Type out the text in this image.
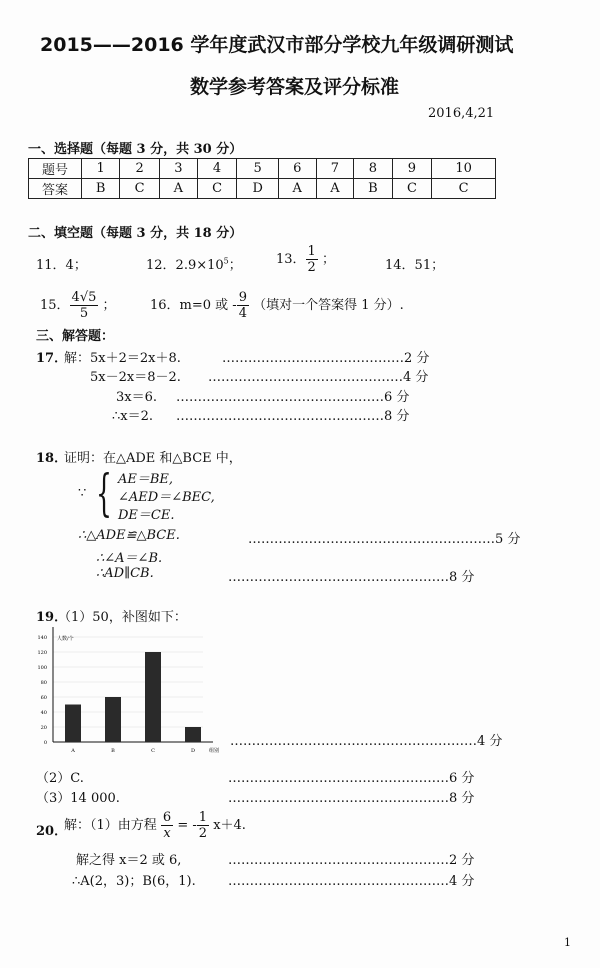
2015——2016 学年度武汉市部分学校九年级调研测试
数学参考答案及评分标准
2016,4,21
一、选择题（每题 3 分，共 30 分）
题号	1	2	3	4	5	6	7	8	9	10
答案	B	C	A	C	D	A	A	B	C	C
二、填空题（每题 3 分，共 18 分）
11．4；	12．$2.9\times 10^5$；	13． $\frac{1}{2}$ ；	14．51；
15． $\frac{4√5}{5}$ ；	16．m=0 或 - $\frac{9}{4}$ （填对一个答案得 1 分）.
三、解答题：
17．
解：5x＋2＝2x＋8.
5x－2x＝8－2.
3x＝6.
∴x＝2.
……………………………………2 分
………………………………………4 分
…………………………………………6 分
…………………………………………8 分
18．
证明：在△ADE 和△BCE 中，
∵ { AE＝BE,
∠AED＝∠BEC,
DE＝CE.
∴△ADE≌△BCE.
∴∠A＝∠B.
∴AD∥CB.
…………………………………………………5 分
……………………………………………8 分
19．
（1）50，补图如下：
0
20
40
60
80
100
120
140 人数/个
组别
A	B	C	D
…………………………………………………4 分
（2）C.	……………………………………………6 分
（3）14 000.	……………………………………………8 分
20．
解：（1）由方程 $\frac{6}{x}$ = - $\frac{1}{2} x+4$.
解之得 x＝2 或 6,	……………………………………………2 分
∴A(2，3)；B(6，1). ……………………………………………4 分
1
